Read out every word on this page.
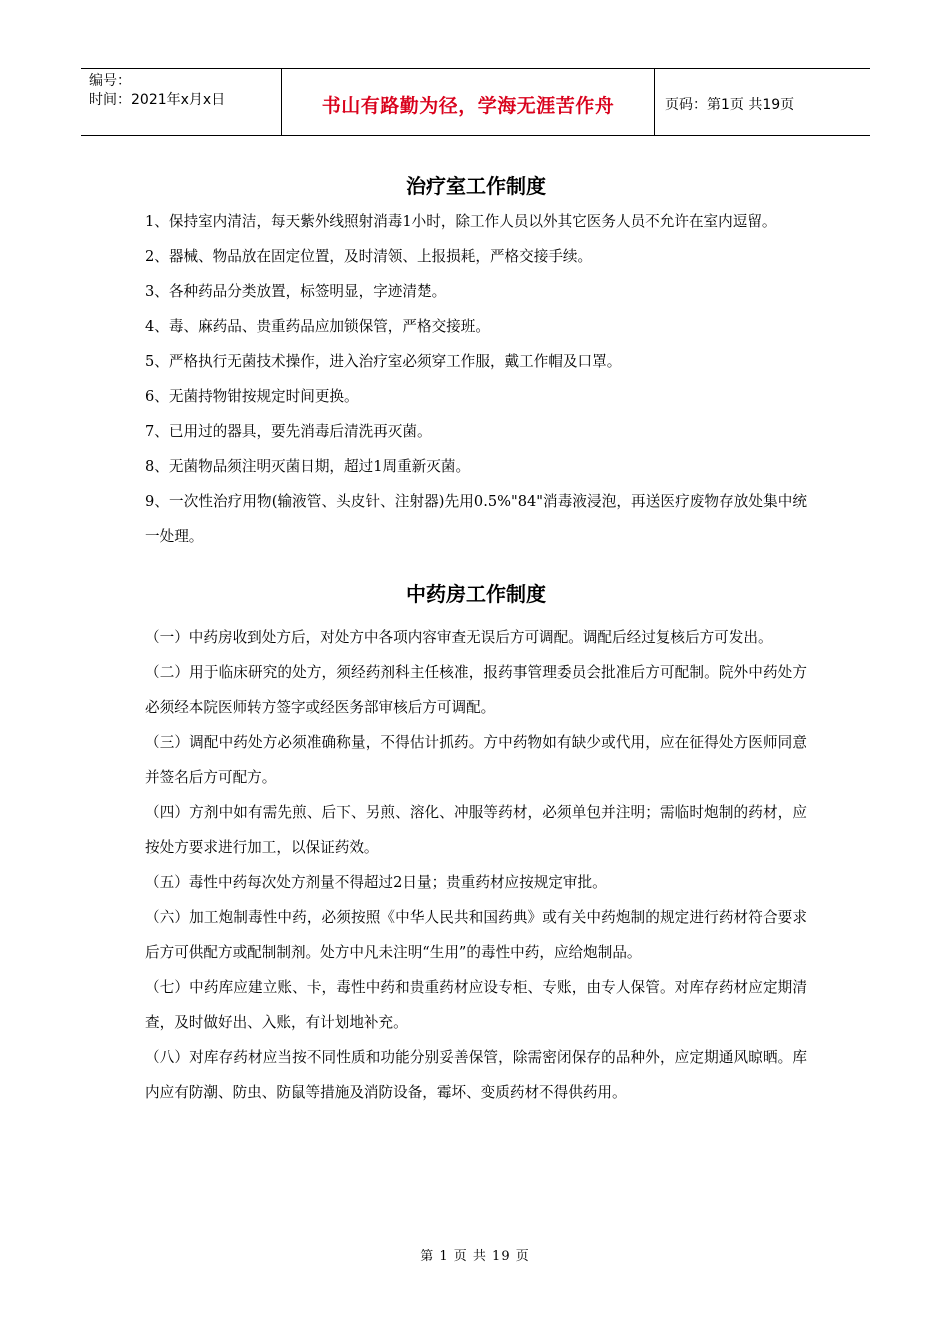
编号：
时间：2021年x月x日	书山有路勤为径，学海无涯苦作舟	页码：第1页 共19页
治疗室工作制度

1、保持室内清洁，每天紫外线照射消毒1小时，除工作人员以外其它医务人员不允许在室内逗留。

2、器械、物品放在固定位置，及时清领、上报损耗，严格交接手续。

3、各种药品分类放置，标签明显，字迹清楚。

4、毒、麻药品、贵重药品应加锁保管，严格交接班。

5、严格执行无菌技术操作，进入治疗室必须穿工作服，戴工作帽及口罩。

6、无菌持物钳按规定时间更换。

7、已用过的器具，要先消毒后清洗再灭菌。

8、无菌物品须注明灭菌日期，超过1周重新灭菌。

9、一次性治疗用物(输液管、头皮针、注射器)先用0.5%"84"消毒液浸泡，再送医疗废物存放处集中统一处理。

中药房工作制度

（一）中药房收到处方后，对处方中各项内容审查无误后方可调配。调配后经过复核后方可发出。

（二）用于临床研究的处方，须经药剂科主任核准，报药事管理委员会批准后方可配制。院外中药处方必须经本院医师转方签字或经医务部审核后方可调配。

（三）调配中药处方必须准确称量，不得估计抓药。方中药物如有缺少或代用，应在征得处方医师同意并签名后方可配方。

（四）方剂中如有需先煎、后下、另煎、溶化、冲服等药材，必须单包并注明；需临时炮制的药材，应按处方要求进行加工，以保证药效。

（五）毒性中药每次处方剂量不得超过2日量；贵重药材应按规定审批。

（六）加工炮制毒性中药，必须按照《中华人民共和国药典》或有关中药炮制的规定进行药材符合要求后方可供配方或配制制剂。处方中凡未注明“生用”的毒性中药，应给炮制品。

（七）中药库应建立账、卡，毒性中药和贵重药材应设专柜、专账，由专人保管。对库存药材应定期清查，及时做好出、入账，有计划地补充。

（八）对库存药材应当按不同性质和功能分别妥善保管，除需密闭保存的品种外，应定期通风晾晒。库内应有防潮、防虫、防鼠等措施及消防设备，霉坏、变质药材不得供药用。

第 1 页 共 19 页
